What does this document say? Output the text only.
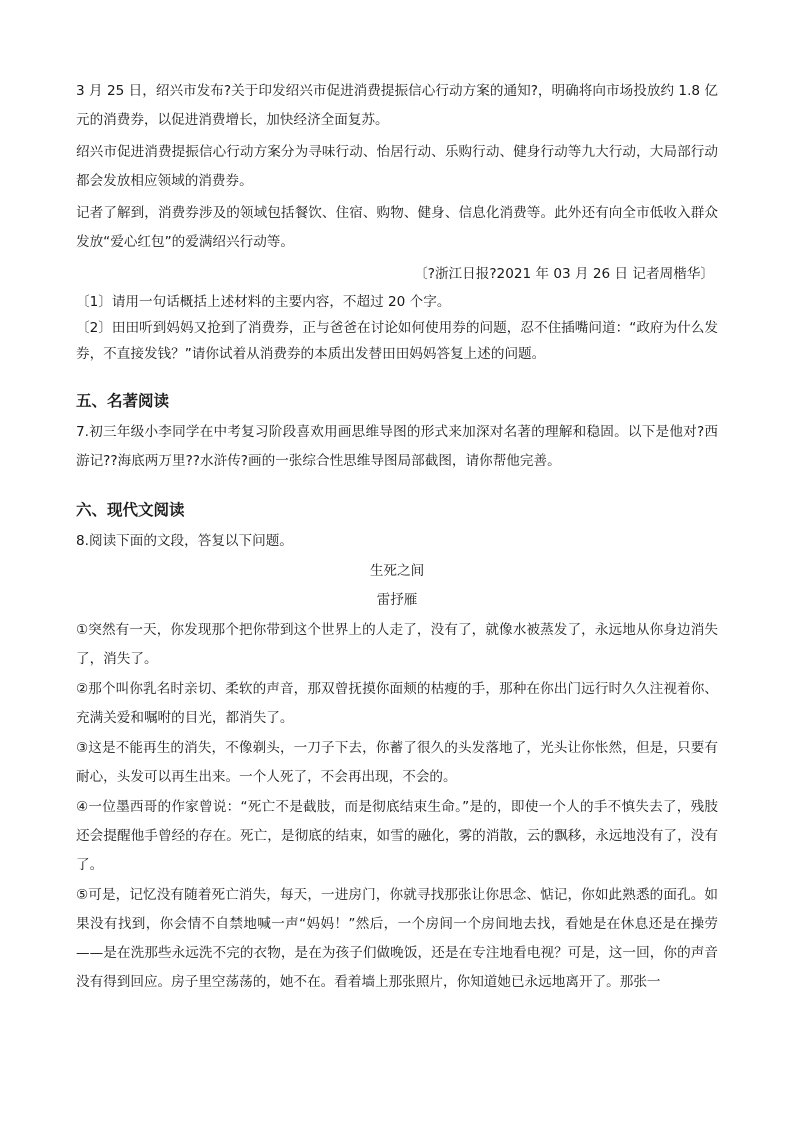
3 月 25 日，绍兴市发布?关于印发绍兴市促进消费提振信心行动方案的通知?，明确将向市场投放约 1.8 亿元的消费券，以促进消费增长，加快经济全面复苏。

绍兴市促进消费提振信心行动方案分为寻味行动、怡居行动、乐购行动、健身行动等九大行动，大局部行动都会发放相应领域的消费券。

记者了解到，消费券涉及的领域包括餐饮、住宿、购物、健身、信息化消费等。此外还有向全市低收入群众发放“爱心红包”的爱满绍兴行动等。

〔?浙江日报?2021 年 03 月 26 日 记者周楷华〕

〔1〕请用一句话概括上述材料的主要内容，不超过 20 个字。

〔2〕田田听到妈妈又抢到了消费券，正与爸爸在讨论如何使用券的问题，忍不住插嘴问道：“政府为什么发券，不直接发钱？”请你试着从消费券的本质出发替田田妈妈答复上述的问题。

五、名著阅读

7.初三年级小李同学在中考复习阶段喜欢用画思维导图的形式来加深对名著的理解和稳固。以下是他对?西游记??海底两万里??水浒传?画的一张综合性思维导图局部截图，请你帮他完善。

六、现代文阅读

8.阅读下面的文段，答复以下问题。

生死之间

雷抒雁

①突然有一天，你发现那个把你带到这个世界上的人走了，没有了，就像水被蒸发了，永远地从你身边消失了，消失了。

②那个叫你乳名时亲切、柔软的声音，那双曾抚摸你面颊的枯瘦的手，那种在你出门远行时久久注视着你、充满关爱和嘱咐的目光，都消失了。

③这是不能再生的消失，不像剃头，一刀子下去，你蓄了很久的头发落地了，光头让你怅然，但是，只要有耐心，头发可以再生出来。一个人死了，不会再出现，不会的。

④一位墨西哥的作家曾说：“死亡不是截肢，而是彻底结束生命。”是的，即使一个人的手不慎失去了，残肢还会提醒他手曾经的存在。死亡，是彻底的结束，如雪的融化，雾的消散，云的飘移，永远地没有了，没有了。

⑤可是，记忆没有随着死亡消失，每天，一进房门，你就寻找那张让你思念、惦记，你如此熟悉的面孔。如果没有找到，你会情不自禁地喊一声“妈妈！”然后，一个房间一个房间地去找，看她是在休息还是在操劳——是在洗那些永远洗不完的衣物，是在为孩子们做晚饭，还是在专注地看电视？可是，这一回，你的声音没有得到回应。房子里空荡荡的，她不在。看着墙上那张照片，你知道她已永远地离开了。那张一
